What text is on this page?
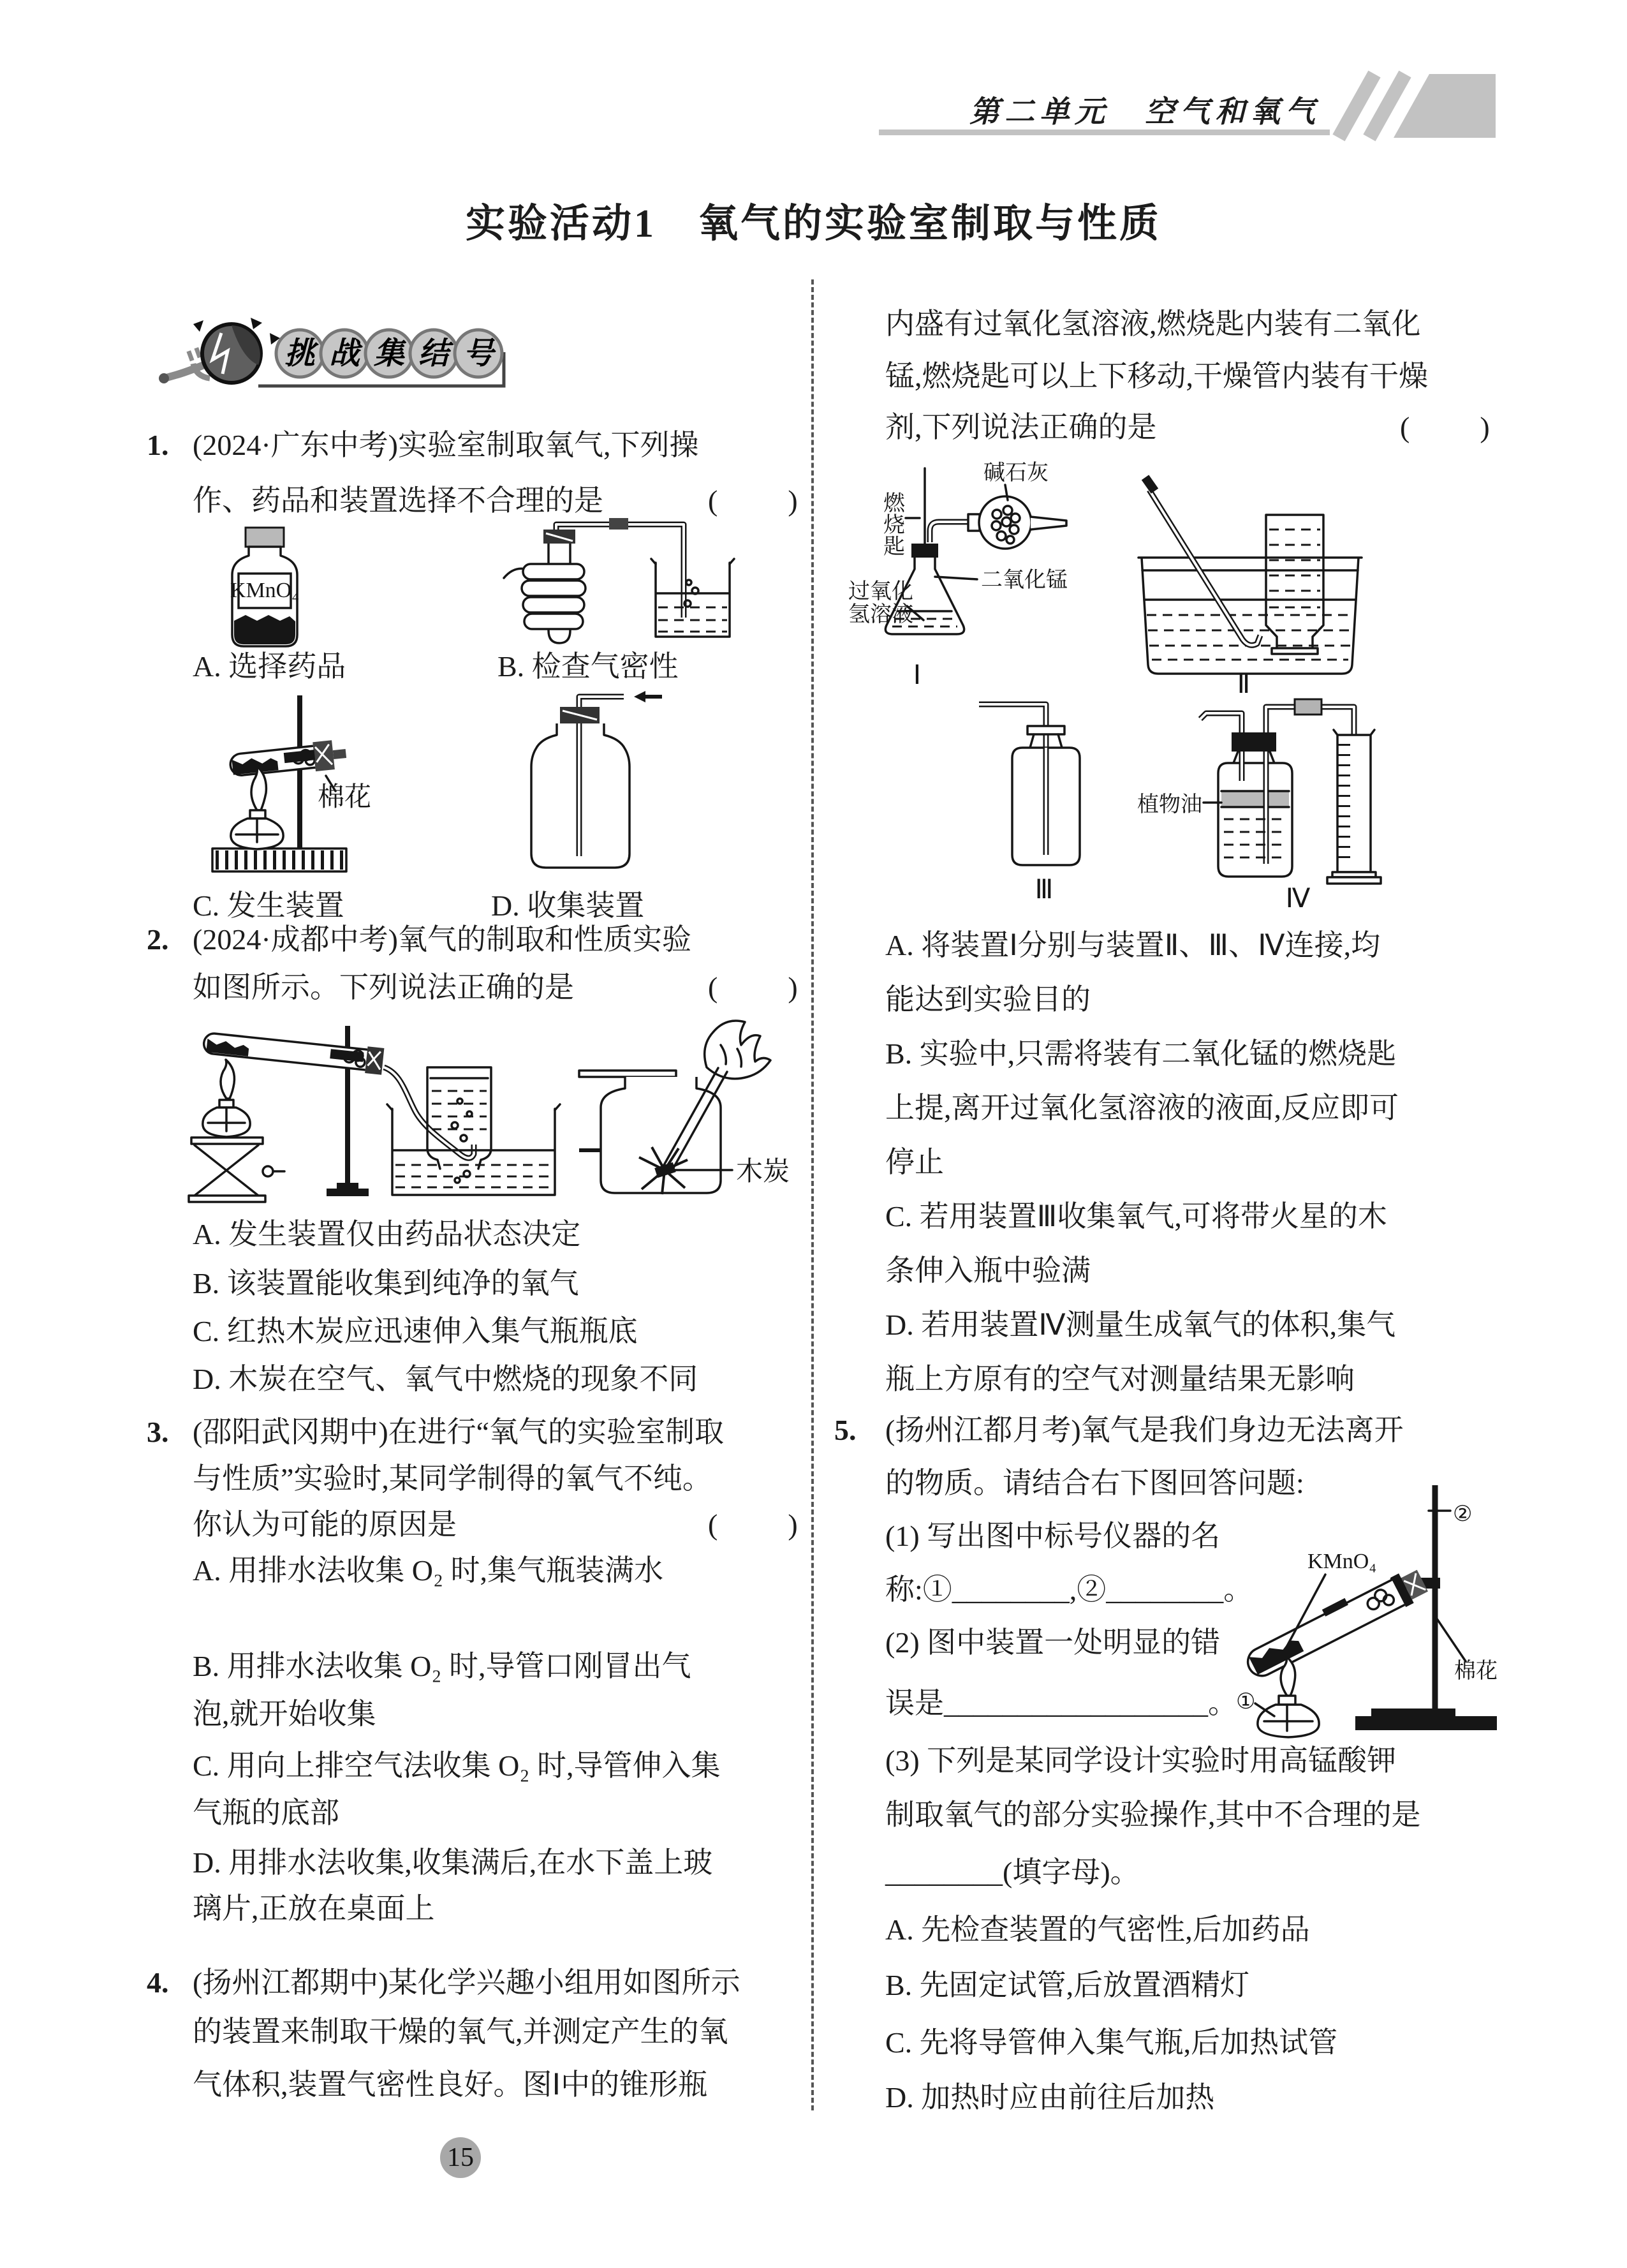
第二单元　空气和氧气
实验活动1　氧气的实验室制取与性质
挑 战 集 结 号
1. (2024·广东中考)实验室制取氧气,下列操
作、药品和装置选择不合理的是	(　　)
KMnO₄
A. 选择药品	B. 检查气密性
棉花
C. 发生装置	D. 收集装置
2. (2024·成都中考)氧气的制取和性质实验
如图所示。下列说法正确的是	(　　)
木炭
A. 发生装置仅由药品状态决定
B. 该装置能收集到纯净的氧气
C. 红热木炭应迅速伸入集气瓶瓶底
D. 木炭在空气、氧气中燃烧的现象不同
3. (邵阳武冈期中)在进行“氧气的实验室制取
与性质”实验时,某同学制得的氧气不纯。
你认为可能的原因是	(　　)
A. 用排水法收集 O₂ 时,集气瓶装满水
B. 用排水法收集 O₂ 时,导管口刚冒出气
泡,就开始收集
C. 用向上排空气法收集 O₂ 时,导管伸入集
气瓶的底部
D. 用排水法收集,收集满后,在水下盖上玻
璃片,正放在桌面上
4. (扬州江都期中)某化学兴趣小组用如图所示
的装置来制取干燥的氧气,并测定产生的氧
气体积,装置气密性良好。图Ⅰ中的锥形瓶
15
内盛有过氧化氢溶液,燃烧匙内装有二氧化
锰,燃烧匙可以上下移动,干燥管内装有干燥
剂,下列说法正确的是	(　　)
燃烧匙
碱石灰
二氧化锰
过氧化
氢溶液
Ⅰ	Ⅱ
Ⅲ
植物油
Ⅳ
A. 将装置Ⅰ分别与装置Ⅱ、Ⅲ、Ⅳ连接,均
能达到实验目的
B. 实验中,只需将装有二氧化锰的燃烧匙
上提,离开过氧化氢溶液的液面,反应即可
停止
C. 若用装置Ⅲ收集氧气,可将带火星的木
条伸入瓶中验满
D. 若用装置Ⅳ测量生成氧气的体积,集气
瓶上方原有的空气对测量结果无影响
5. (扬州江都月考)氧气是我们身边无法离开
的物质。请结合右下图回答问题:
(1) 写出图中标号仪器的名
称:①________,②________。
(2) 图中装置一处明显的错
误是__________________。
(3) 下列是某同学设计实验时用高锰酸钾
制取氧气的部分实验操作,其中不合理的是
________(填字母)。
A. 先检查装置的气密性,后加药品
B. 先固定试管,后放置酒精灯
C. 先将导管伸入集气瓶,后加热试管
D. 加热时应由前往后加热
②
KMnO₄
棉花
①
